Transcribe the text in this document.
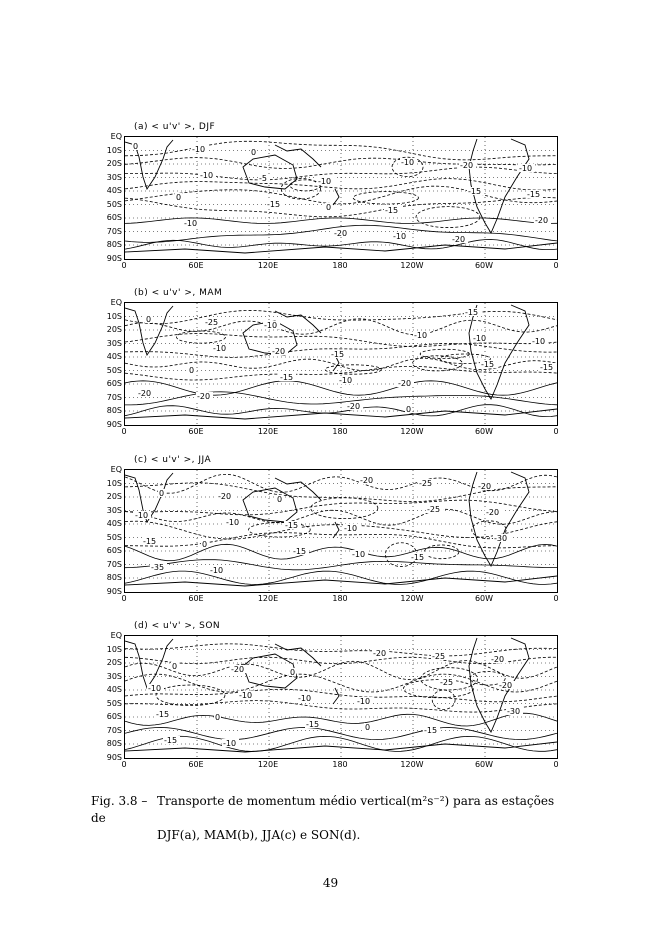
(a) < u'v' >, DJF
0
-10
-15
-20
-10
-15
-20
-10
-5
0
-10
-20
-15
-10
0
-10
-15
-20
-10
0
EQ
10S
20S
30S
40S
50S
60S
70S
80S
90S
0	60E	120E	180	120W	60W	0
(b) < u'v' >, MAM
0
-10
-15
-20
-10
-15
-20
-25
-20
-10
0
-10
-15
-20
-10
-15
-20
-15
-10
0
EQ
10S
20S
30S
40S
50S
60S
70S
80S
90S
0	60E	120E	180	120W	60W	0
(c) < u'v' >, JJA
0
-10
-15
-20
-25
-30
-35
-20
-15
-10
-25
-20
-15
-10
0
-10
-15
-20
-10
0
EQ
10S
20S
30S
40S
50S
60S
70S
80S
90S
0	60E	120E	180	120W	60W	0
(d) < u'v' >, SON
0
-10
-15
-20
-25
-30
-15
-20
-10
0
-25
-20
-15
-10
0
-10
-15
-20
-10
0
EQ
10S
20S
30S
40S
50S
60S
70S
80S
90S
0	60E	120E	180	120W	60W	0
Fig. 3.8 – Transporte de momentum médio vertical(m²s⁻²) para as estações de
DJF(a), MAM(b), JJA(c) e SON(d).
49
